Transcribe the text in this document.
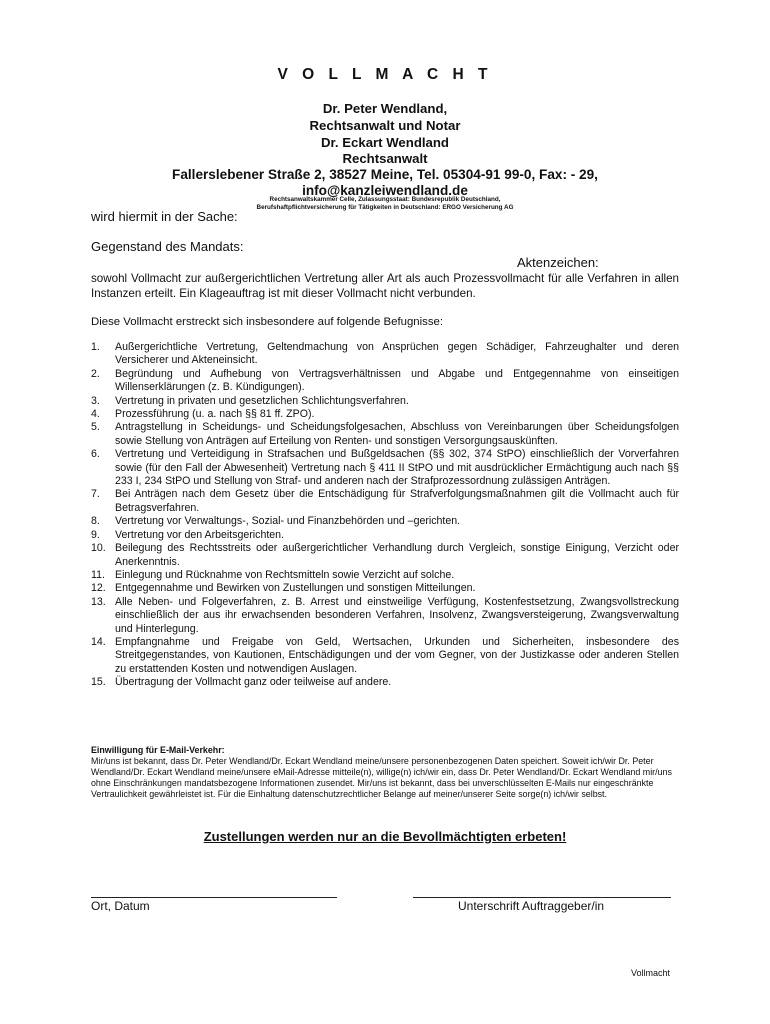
V O L L M A C H T
Dr. Peter Wendland,
Rechtsanwalt und Notar
Dr. Eckart Wendland
Rechtsanwalt
Fallerslebener Straße 2, 38527 Meine, Tel. 05304-91 99-0, Fax: - 29,
info@kanzleiwendland.de
Rechtsanwaltskammer Celle, Zulassungsstaat: Bundesrepublik Deutschland,
Berufshaftpflichtversicherung für Tätigkeiten in Deutschland: ERGO Versicherung AG
wird hiermit in der Sache:
Gegenstand des Mandats:
Aktenzeichen:
sowohl Vollmacht zur außergerichtlichen Vertretung aller Art als auch Prozessvollmacht für alle Verfahren in allen Instanzen erteilt. Ein Klageauftrag ist mit dieser Vollmacht nicht verbunden.
Diese Vollmacht erstreckt sich insbesondere auf folgende Befugnisse:
1. Außergerichtliche Vertretung, Geltendmachung von Ansprüchen gegen Schädiger, Fahrzeughalter und deren Versicherer und Akteneinsicht.
2. Begründung und Aufhebung von Vertragsverhältnissen und Abgabe und Entgegennahme von einseitigen Willenserklärungen (z. B. Kündigungen).
3. Vertretung in privaten und gesetzlichen Schlichtungsverfahren.
4. Prozessführung (u. a. nach §§ 81 ff. ZPO).
5. Antragstellung in Scheidungs- und Scheidungsfolgesachen, Abschluss von Vereinbarungen über Scheidungsfolgen sowie Stellung von Anträgen auf Erteilung von Renten- und sonstigen Versorgungsauskünften.
6. Vertretung und Verteidigung in Strafsachen und Bußgeldsachen (§§ 302, 374 StPO) einschließlich der Vorverfahren sowie (für den Fall der Abwesenheit) Vertretung nach § 411 II StPO und mit ausdrücklicher Ermächtigung auch nach §§ 233 I, 234 StPO und Stellung von Straf- und anderen nach der Strafprozessordnung zulässigen Anträgen.
7. Bei Anträgen nach dem Gesetz über die Entschädigung für Strafverfolgungsmaßnahmen gilt die Vollmacht auch für Betragsverfahren.
8. Vertretung vor Verwaltungs-, Sozial- und Finanzbehörden und –gerichten.
9. Vertretung vor den Arbeitsgerichten.
10. Beilegung des Rechtsstreits oder außergerichtlicher Verhandlung durch Vergleich, sonstige Einigung, Verzicht oder Anerkenntnis.
11. Einlegung und Rücknahme von Rechtsmitteln sowie Verzicht auf solche.
12. Entgegennahme und Bewirken von Zustellungen und sonstigen Mitteilungen.
13. Alle Neben- und Folgeverfahren, z. B. Arrest und einstweilige Verfügung, Kostenfestsetzung, Zwangsvollstreckung einschließlich der aus ihr erwachsenden besonderen Verfahren, Insolvenz, Zwangsversteigerung, Zwangsverwaltung und Hinterlegung.
14. Empfangnahme und Freigabe von Geld, Wertsachen, Urkunden und Sicherheiten, insbesondere des Streitgegenstandes, von Kautionen, Entschädigungen und der vom Gegner, von der Justizkasse oder anderen Stellen zu erstattenden Kosten und notwendigen Auslagen.
15. Übertragung der Vollmacht ganz oder teilweise auf andere.
Einwilligung für E-Mail-Verkehr:
Mir/uns ist bekannt, dass Dr. Peter Wendland/Dr. Eckart Wendland meine/unsere personenbezogenen Daten speichert. Soweit ich/wir Dr. Peter Wendland/Dr. Eckart Wendland meine/unsere eMail-Adresse mitteile(n), willige(n) ich/wir ein, dass Dr. Peter Wendland/Dr. Eckart Wendland mir/uns ohne Einschränkungen mandatsbezogene Informationen zusendet. Mir/uns ist bekannt, dass bei unverschlüsselten E-Mails nur eingeschränkte Vertraulichkeit gewährleistet ist. Für die Einhaltung datenschutzrechtlicher Belange auf meiner/unserer Seite sorge(n) ich/wir selbst.
Zustellungen werden nur an die Bevollmächtigten erbeten!
Ort, Datum	Unterschrift Auftraggeber/in
Vollmacht
